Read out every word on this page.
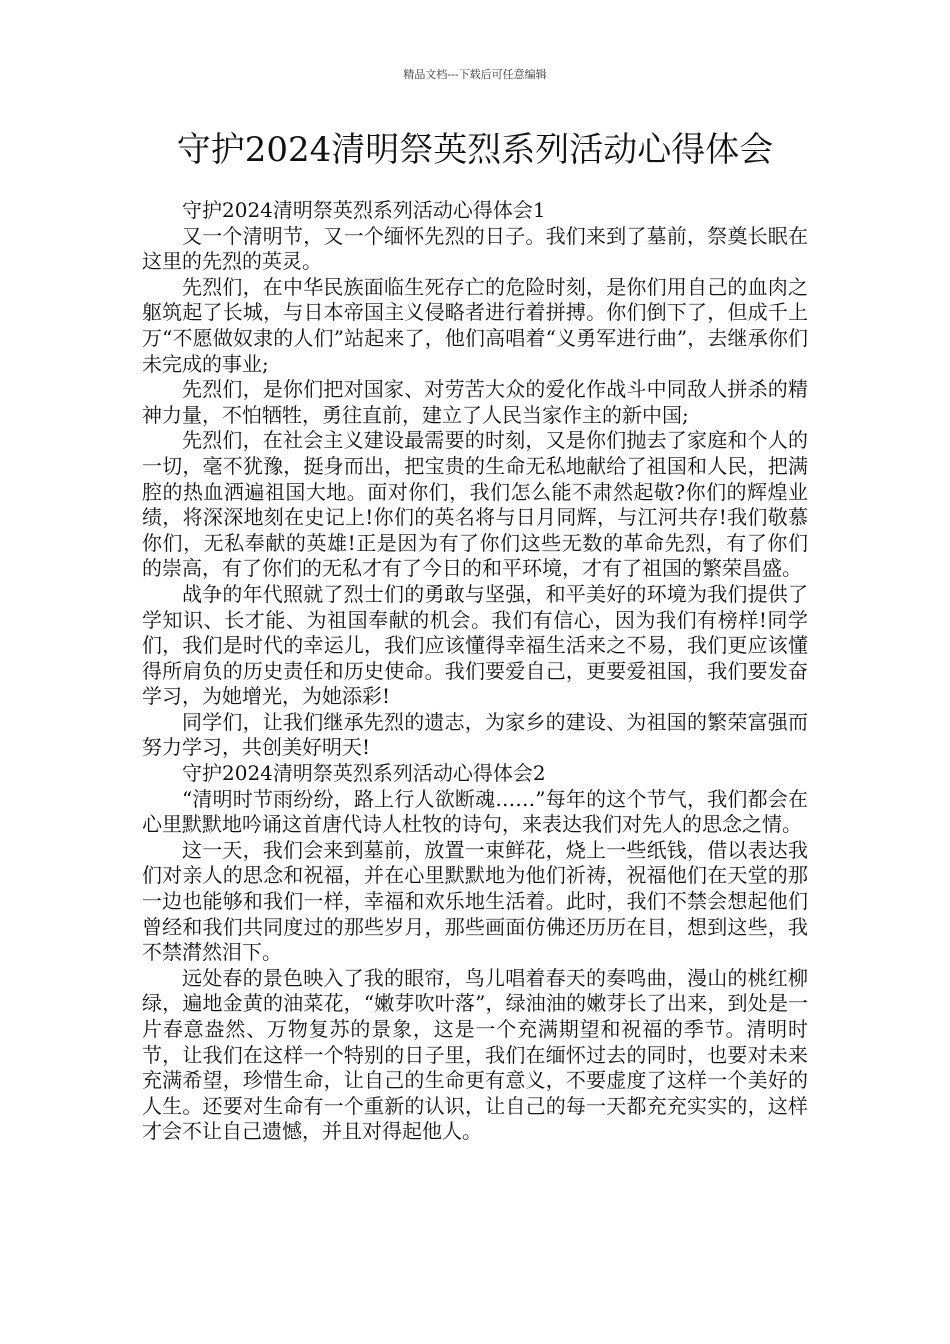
精品文档---下载后可任意编辑
守护2024清明祭英烈系列活动心得体会

守护2024清明祭英烈系列活动心得体会1

又一个清明节，又一个缅怀先烈的日子。我们来到了墓前，祭奠长眠在这里的先烈的英灵。

先烈们，在中华民族面临生死存亡的危险时刻，是你们用自己的血肉之躯筑起了长城，与日本帝国主义侵略者进行着拼搏。你们倒下了，但成千上万“不愿做奴隶的人们”站起来了，他们高唱着“义勇军进行曲”，去继承你们未完成的事业;

先烈们，是你们把对国家、对劳苦大众的爱化作战斗中同敌人拼杀的精神力量，不怕牺牲，勇往直前，建立了人民当家作主的新中国;

先烈们，在社会主义建设最需要的时刻，又是你们抛去了家庭和个人的一切，毫不犹豫，挺身而出，把宝贵的生命无私地献给了祖国和人民，把满腔的热血洒遍祖国大地。面对你们，我们怎么能不肃然起敬?你们的辉煌业绩，将深深地刻在史记上!你们的英名将与日月同辉，与江河共存!我们敬慕你们，无私奉献的英雄!正是因为有了你们这些无数的革命先烈，有了你们的崇高，有了你们的无私才有了今日的和平环境，才有了祖国的繁荣昌盛。

战争的年代照就了烈士们的勇敢与坚强，和平美好的环境为我们提供了学知识、长才能、为祖国奉献的机会。我们有信心，因为我们有榜样!同学们，我们是时代的幸运儿，我们应该懂得幸福生活来之不易，我们更应该懂得所肩负的历史责任和历史使命。我们要爱自己，更要爱祖国，我们要发奋学习，为她增光，为她添彩!

同学们，让我们继承先烈的遗志，为家乡的建设、为祖国的繁荣富强而努力学习，共创美好明天!

守护2024清明祭英烈系列活动心得体会2

“清明时节雨纷纷，路上行人欲断魂……”每年的这个节气，我们都会在心里默默地吟诵这首唐代诗人杜牧的诗句，来表达我们对先人的思念之情。

这一天，我们会来到墓前，放置一束鲜花，烧上一些纸钱，借以表达我们对亲人的思念和祝福，并在心里默默地为他们祈祷，祝福他们在天堂的那一边也能够和我们一样，幸福和欢乐地生活着。此时，我们不禁会想起他们曾经和我们共同度过的那些岁月，那些画面仿佛还历历在目，想到这些，我不禁潸然泪下。

远处春的景色映入了我的眼帘，鸟儿唱着春天的奏鸣曲，漫山的桃红柳绿，遍地金黄的油菜花，“嫩芽吹叶落”，绿油油的嫩芽长了出来，到处是一片春意盎然、万物复苏的景象，这是一个充满期望和祝福的季节。清明时节，让我们在这样一个特别的日子里，我们在缅怀过去的同时，也要对未来充满希望，珍惜生命，让自己的生命更有意义，不要虚度了这样一个美好的人生。还要对生命有一个重新的认识，让自己的每一天都充充实实的，这样才会不让自己遗憾，并且对得起他人。
